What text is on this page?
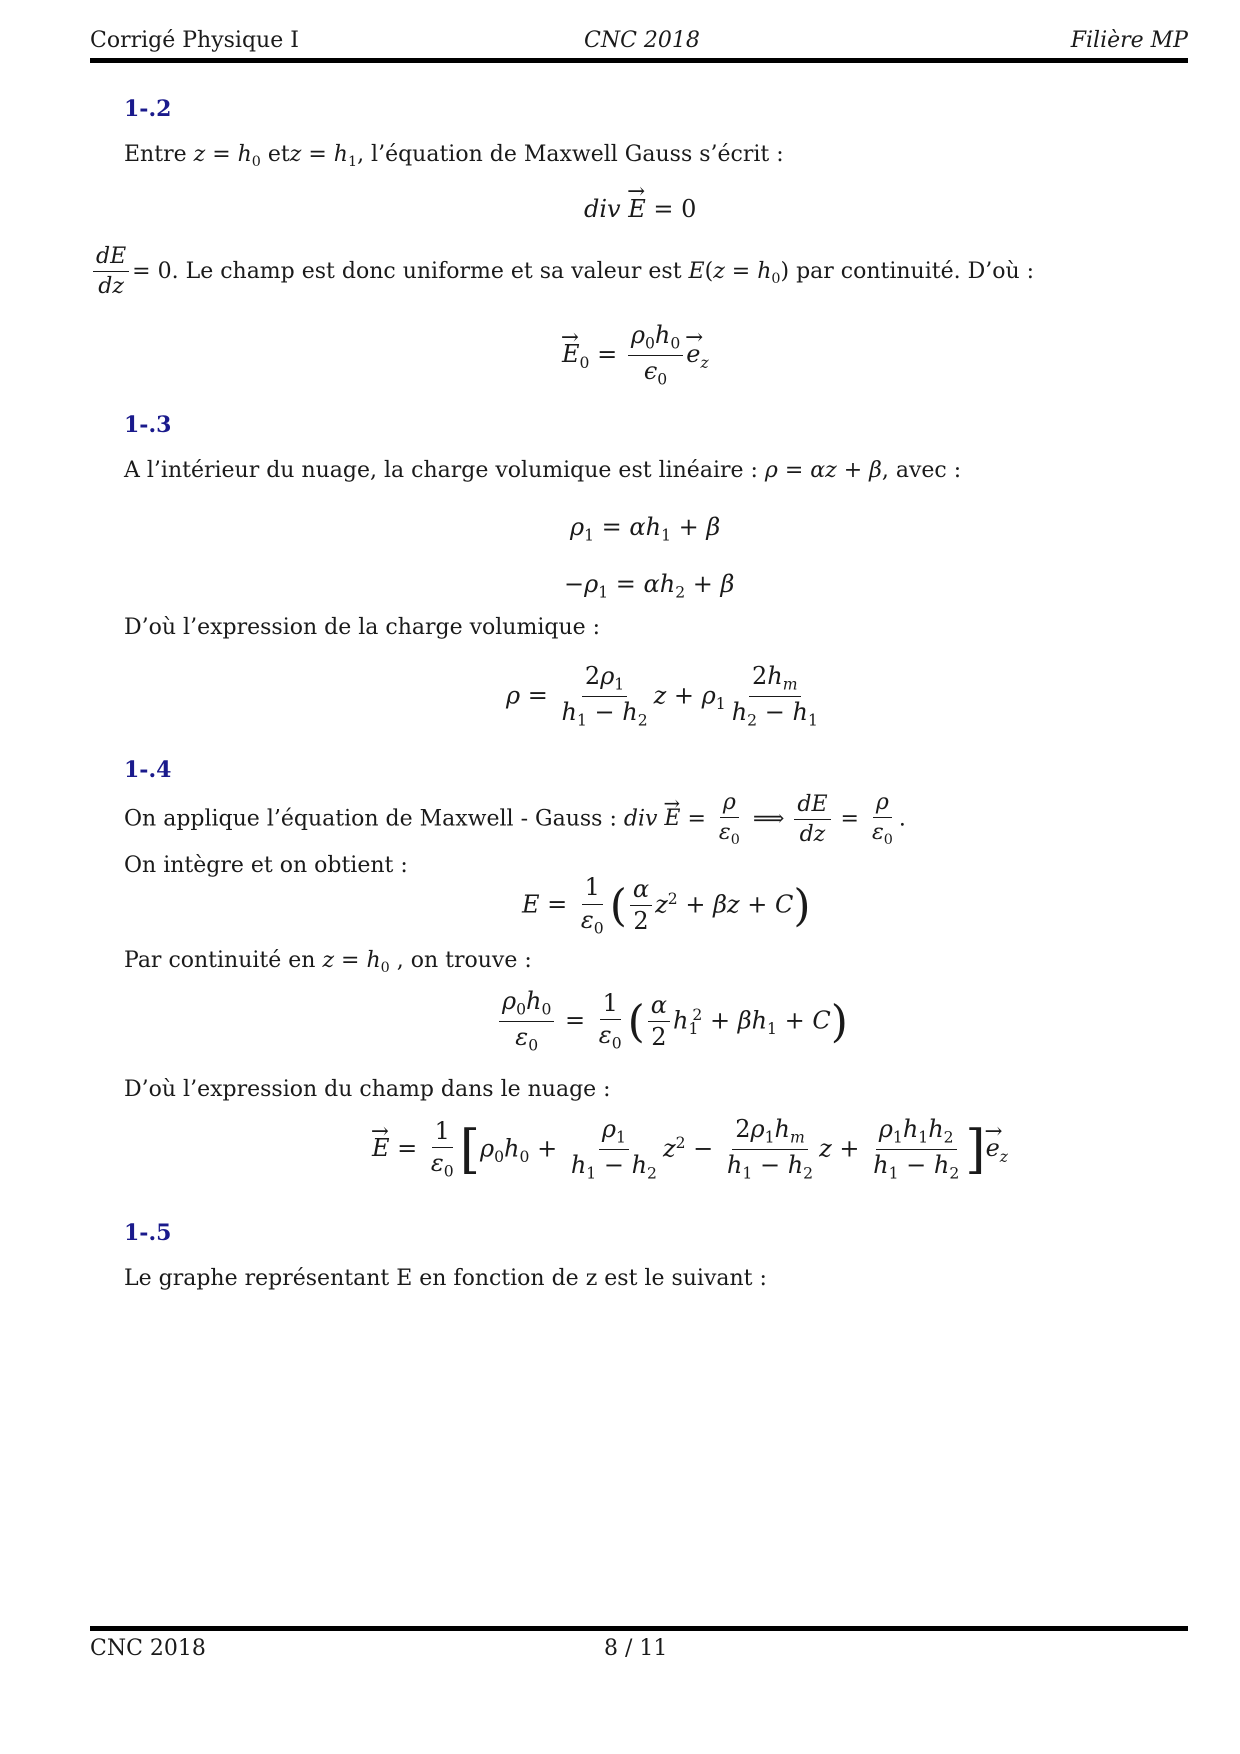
Corrigé Physique I	CNC 2018	Filière MP
1-.2
Entre $z = h_0$ etz = $h_1$, l’équation de Maxwell Gauss s’écrit :
div → E = 0
$\frac{dE}{dz} = 0$. Le champ est donc uniforme et sa valeur est $E(z = h_0)$ par continuité. D’où :
→ $E_0 = \frac{\rho_0h_0}{\epsilon_0}$
→ $e_z$
1-.3
A l’intérieur du nuage, la charge volumique est linéaire : ρ = αz + β, avec :
$\rho_1 = \alpha h_1 + \beta$
$-\rho_1 = \alpha h_2 + \beta$
D’où l’expression de la charge volumique :
$\rho = \frac{2\rho_1}{h_1 - h_2}$ $z + \rho_1 \frac{2h_m}{h_2 - h_1}$
1-.4
On applique l’équation de Maxwell - Gauss : div → $E = \frac{\rho}{\varepsilon_0}$ ⟹ $\frac{dE}{dz} = \frac{\rho}{\varepsilon_0}$ .
On intègre et on obtient :
$E = \frac{1}{\varepsilon_0}$ ( $\frac{\alpha}{2} z^2 + \beta z + C$)
Par continuité en $z = h_0$ , on trouve :
$\frac{\rho_0h_0}{\varepsilon_0} = \frac{1}{\varepsilon_0}$ ( $\frac{\alpha}{2} h_1^2 + \beta h_1 + C$)
D’où l’expression du champ dans le nuage :
→ $E = \frac{1}{\varepsilon_0} [\rho_0h_0 + \frac{\rho_1}{h_1 - h_2} z^2 - \frac{2\rho_1h_m}{h_1 - h_2}$ $z + \frac{\rho_1h_1h_2}{h_1 - h_2}$ ]→ $e_z$
1-.5
Le graphe représentant E en fonction de z est le suivant :
CNC 2018	8 / 11
